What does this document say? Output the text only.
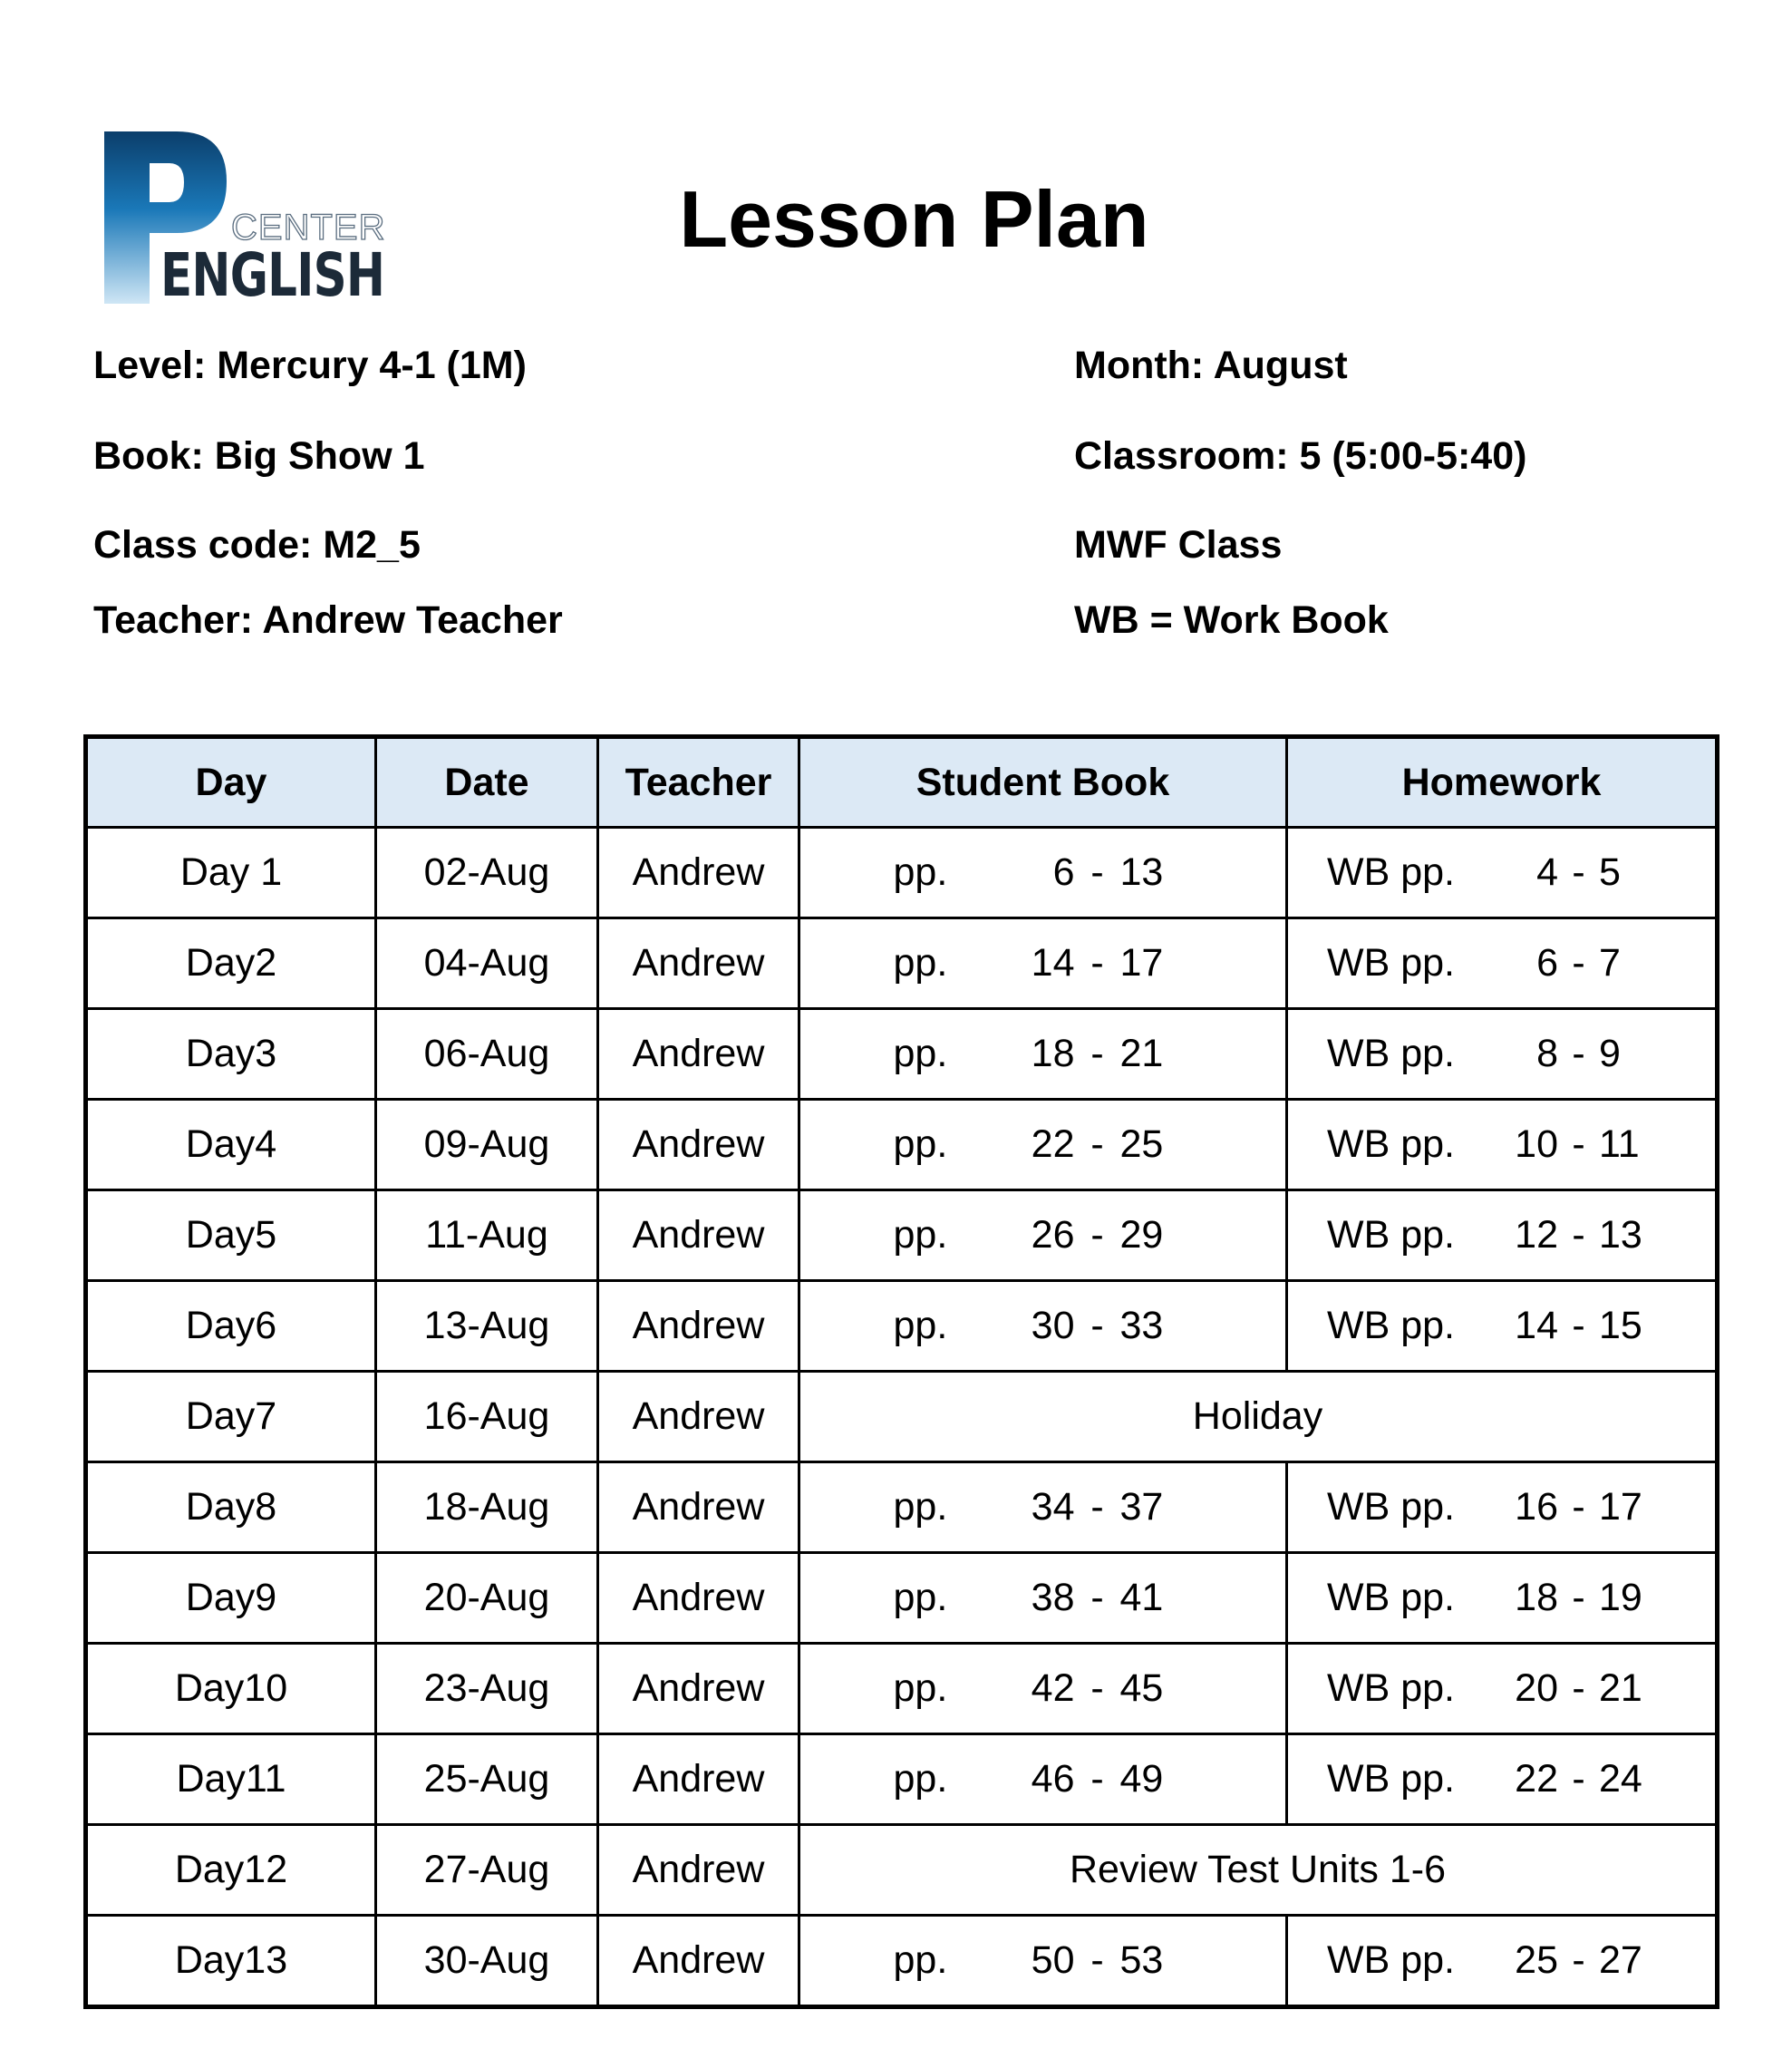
CENTER
ENGLISH
Lesson Plan
Level: Mercury 4-1 (1M)
Book: Big Show 1
Class code: M2_5
Teacher: Andrew Teacher
Month: August
Classroom: 5 (5:00-5:40)
MWF Class
WB = Work Book
Day	Date	Teacher	Student Book	Homework
Day 1	02-Aug	Andrew	pp. 6 - 13	WB pp. 4 - 5
Day2	04-Aug	Andrew	pp. 14 - 17	WB pp. 6 - 7
Day3	06-Aug	Andrew	pp. 18 - 21	WB pp. 8 - 9
Day4	09-Aug	Andrew	pp. 22 - 25	WB pp. 10 - 11
Day5	11-Aug	Andrew	pp. 26 - 29	WB pp. 12 - 13
Day6	13-Aug	Andrew	pp. 30 - 33	WB pp. 14 - 15
Day7	16-Aug	Andrew	Holiday	
Day8	18-Aug	Andrew	pp. 34 - 37	WB pp. 16 - 17
Day9	20-Aug	Andrew	pp. 38 - 41	WB pp. 18 - 19
Day10	23-Aug	Andrew	pp. 42 - 45	WB pp. 20 - 21
Day11	25-Aug	Andrew	pp. 46 - 49	WB pp. 22 - 24
Day12	27-Aug	Andrew	Review Test Units 1-6	
Day13	30-Aug	Andrew	pp. 50 - 53	WB pp. 25 - 27
